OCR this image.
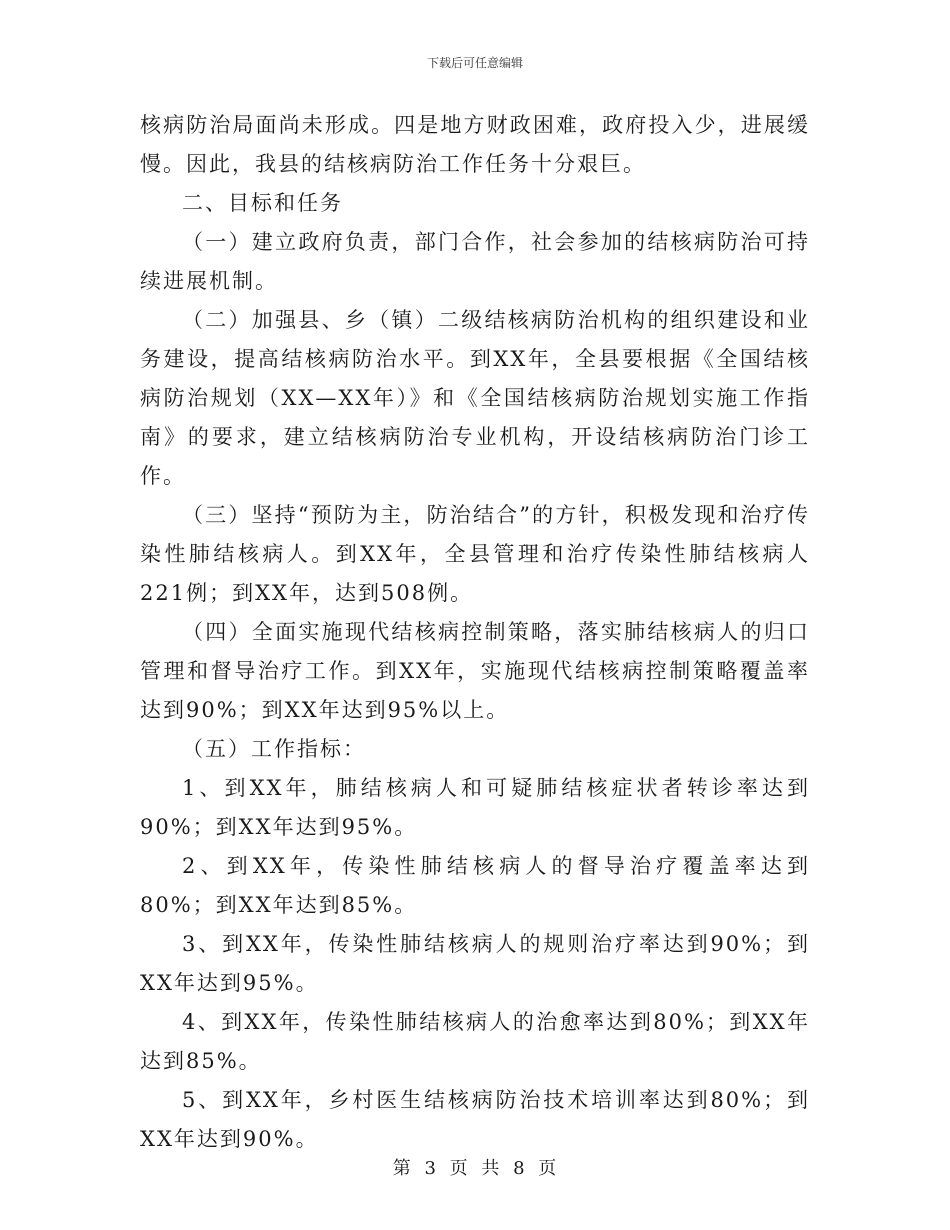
下载后可任意编辑

核病防治局面尚未形成。四是地方财政困难，政府投入少，进展缓慢。因此，我县的结核病防治工作任务十分艰巨。

二、目标和任务

（一）建立政府负责，部门合作，社会参加的结核病防治可持续进展机制。

（二）加强县、乡（镇）二级结核病防治机构的组织建设和业务建设，提高结核病防治水平。到XX年，全县要根据《全国结核病防治规划（XX—XX年）》和《全国结核病防治规划实施工作指南》的要求，建立结核病防治专业机构，开设结核病防治门诊工作。

（三）坚持“预防为主，防治结合”的方针，积极发现和治疗传染性肺结核病人。到XX年，全县管理和治疗传染性肺结核病人221例；到XX年，达到508例。

（四）全面实施现代结核病控制策略，落实肺结核病人的归口管理和督导治疗工作。到XX年，实施现代结核病控制策略覆盖率达到90%；到XX年达到95%以上。

（五）工作指标：

1、到XX年，肺结核病人和可疑肺结核症状者转诊率达到90%；到XX年达到95%。

2、到XX年，传染性肺结核病人的督导治疗覆盖率达到80%；到XX年达到85%。

3、到XX年，传染性肺结核病人的规则治疗率达到90%；到XX年达到95%。

4、到XX年，传染性肺结核病人的治愈率达到80%；到XX年达到85%。

5、到XX年，乡村医生结核病防治技术培训率达到80%；到XX年达到90%。

第 3 页 共 8 页
